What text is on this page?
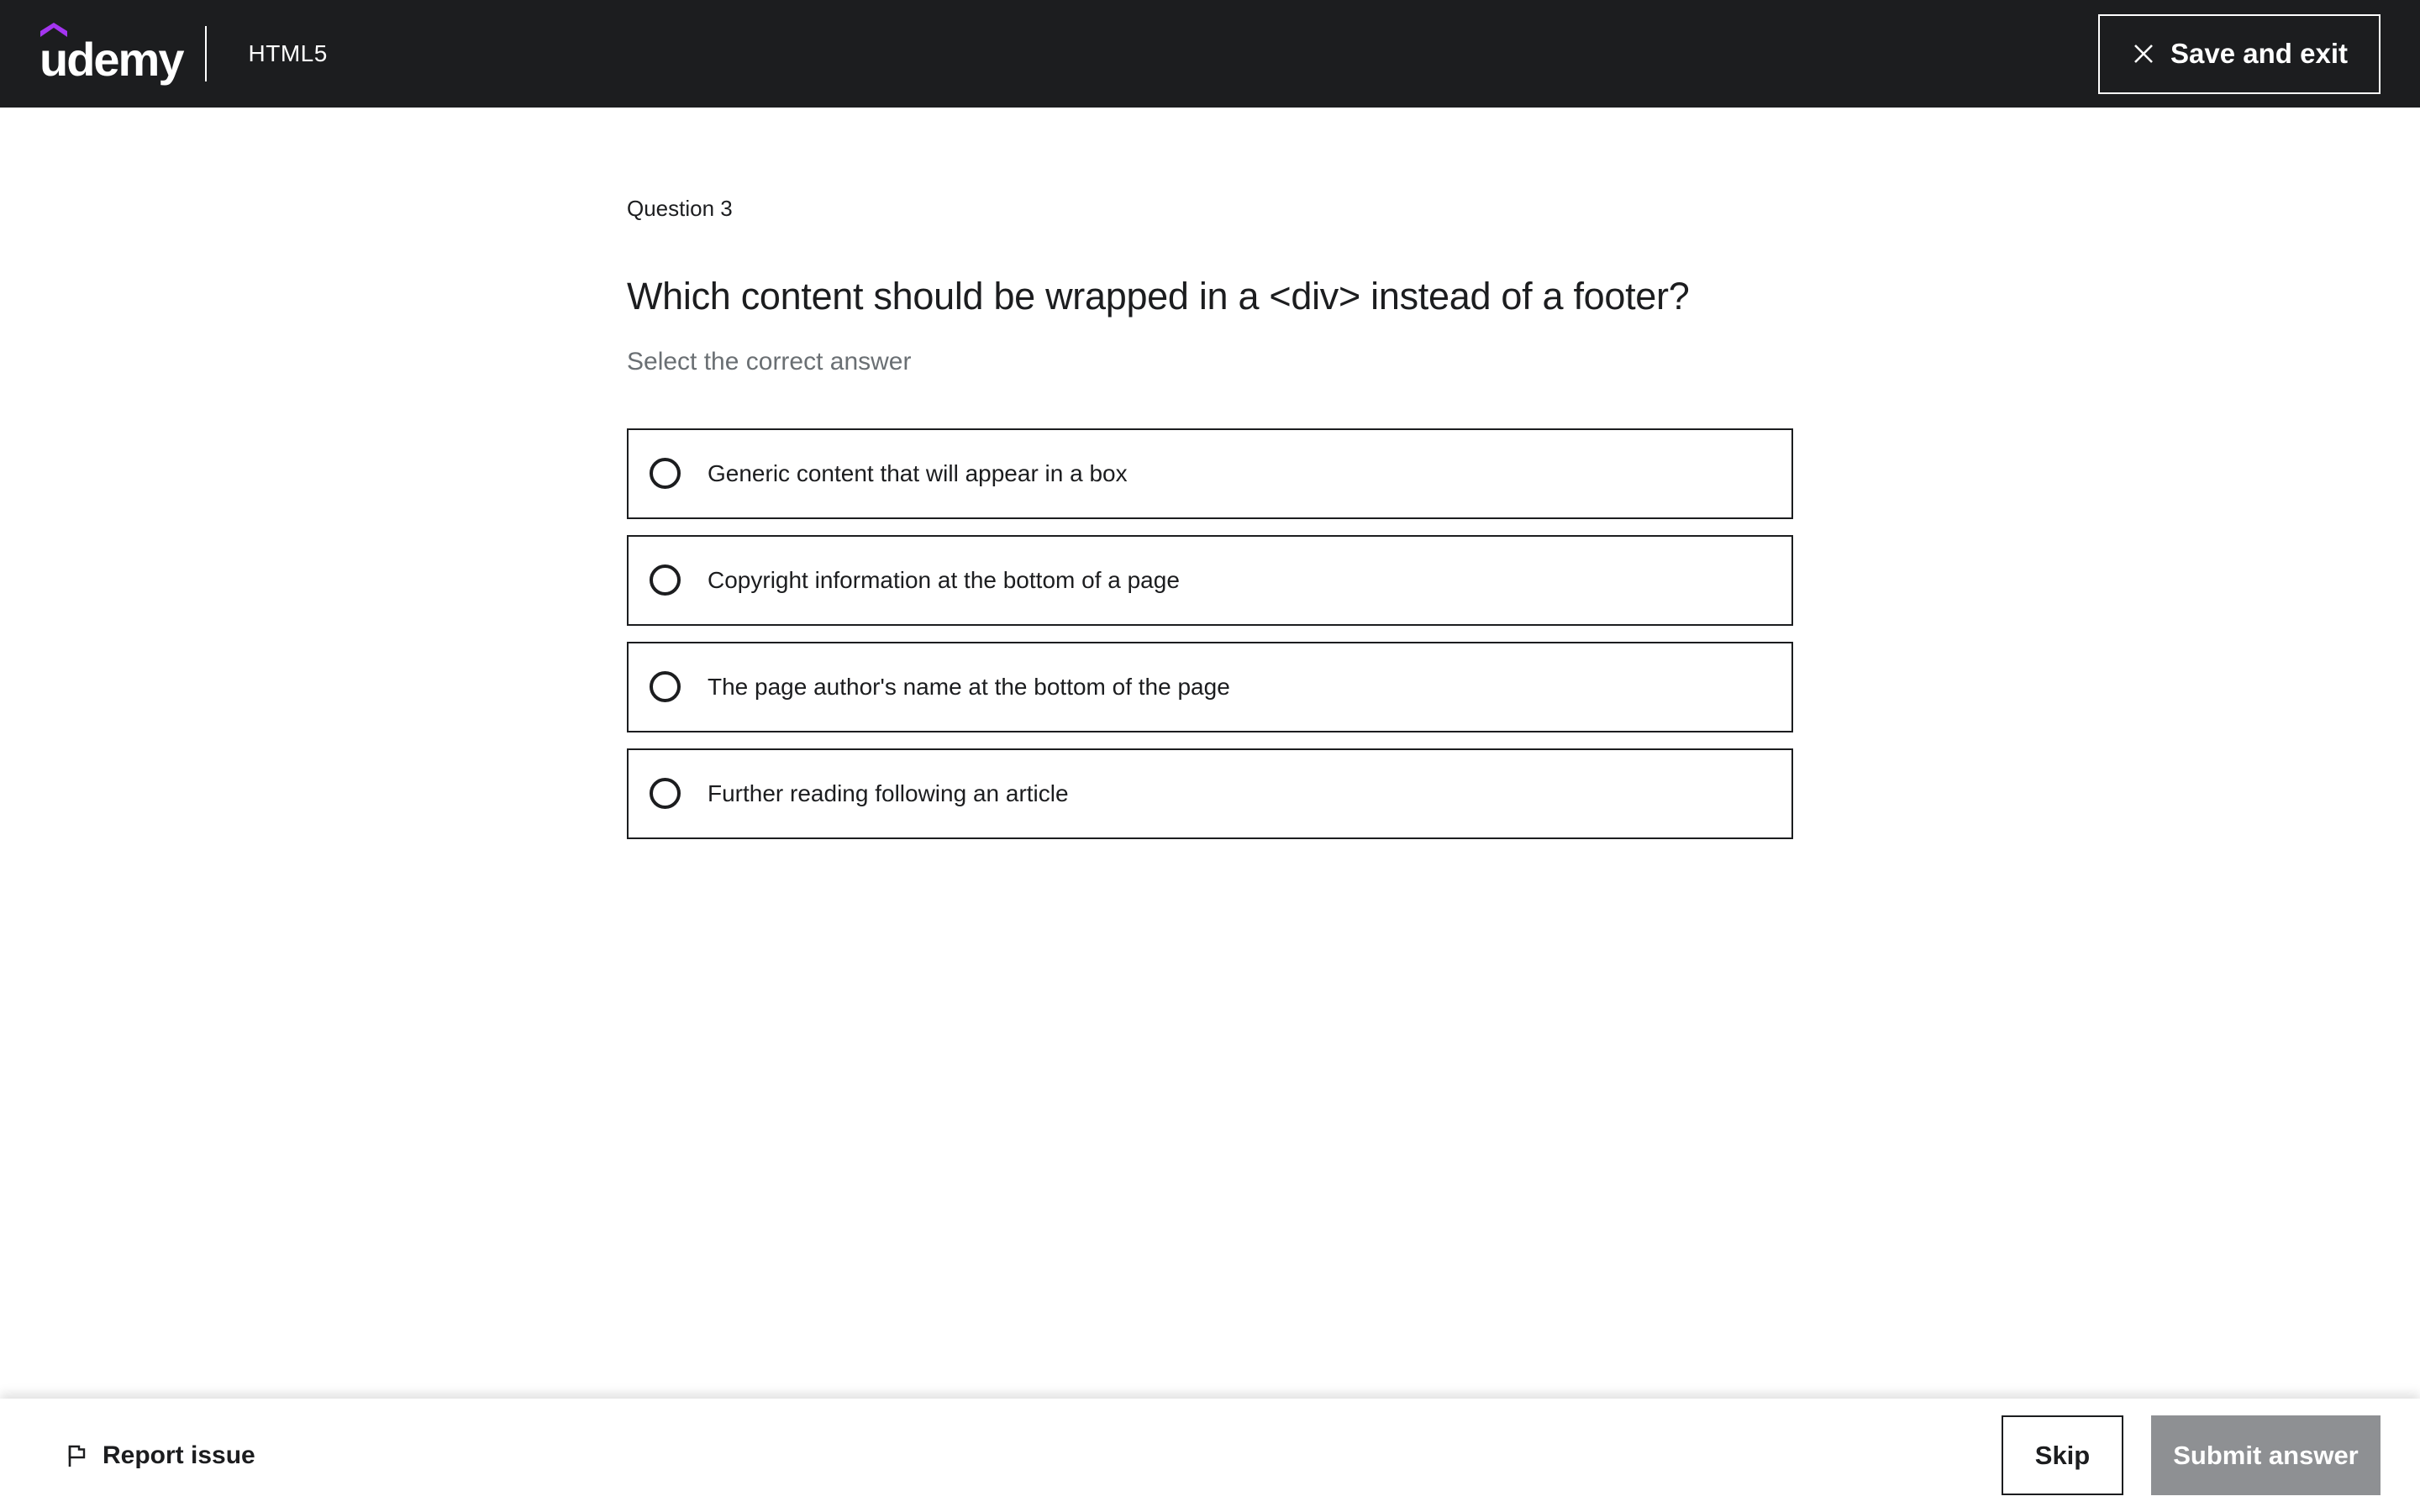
udemy	HTML5	Save and exit
Question 3
Which content should be wrapped in a <div> instead of a footer?
Select the correct answer
Generic content that will appear in a box
Copyright information at the bottom of a page
The page author's name at the bottom of the page
Further reading following an article
Report issue	Skip	Submit answer
